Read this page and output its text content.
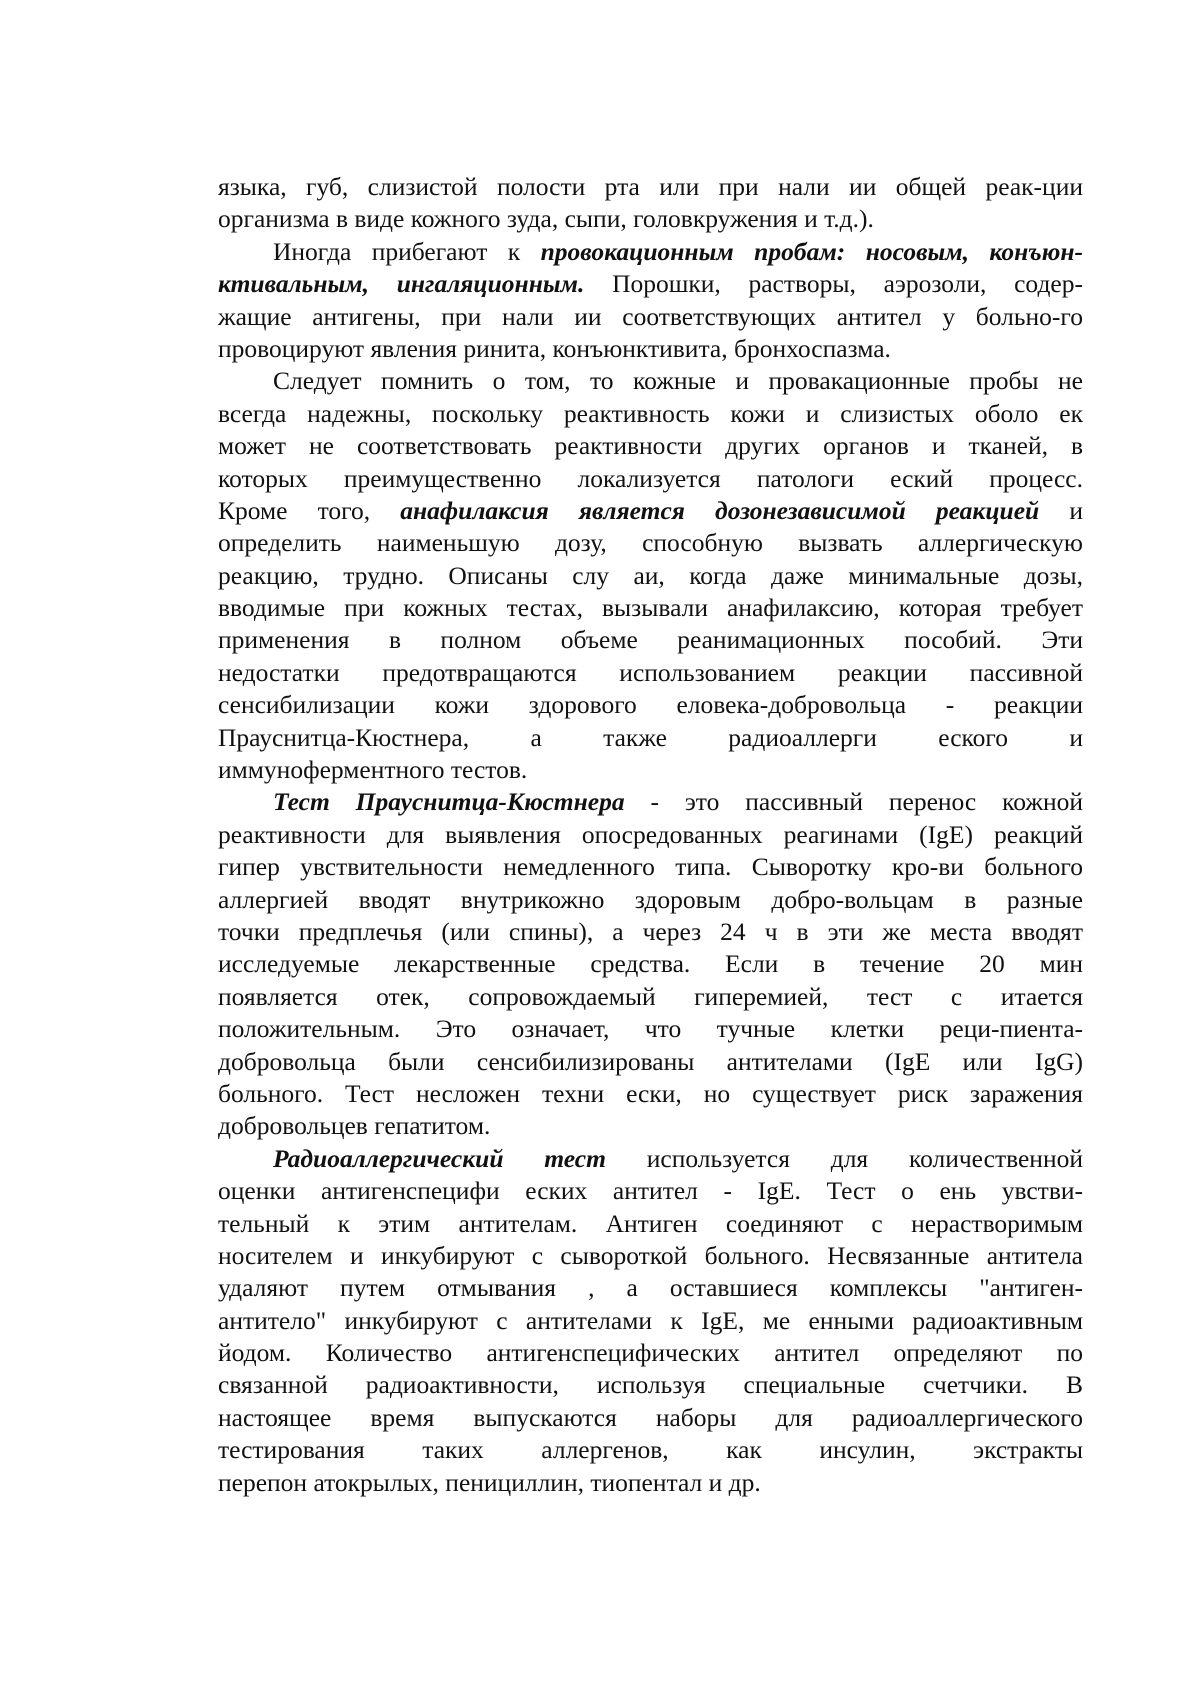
языка, губ, слизистой полости рта или при нали ии общей реак-ции
организма в виде кожного зуда, сыпи, головкружения и т.д.).
Иногда прибегают к провокационным пробам: носовым, конъюн-
ктивальным, ингаляционным. Порошки, растворы, аэрозоли, содер-
жащие антигены, при нали ии соответствующих антител у больно-го
провоцируют явления ринита, конъюнктивита, бронхоспазма.
Следует помнить о том, то кожные и провакационные пробы не
всегда надежны, поскольку реактивность кожи и слизистых оболо ек
может не соответствовать реактивности других органов и тканей, в
которых преимущественно локализуется патологи еский процесс.
Кроме того, анафилаксия является дозонезависимой реакцией и
определить наименьшую дозу, способную вызвать аллергическую
реакцию, трудно. Описаны слу аи, когда даже минимальные дозы,
вводимые при кожных тестах, вызывали анафилаксию, которая требует
применения в полном объеме реанимационных пособий. Эти
недостатки предотвращаются использованием реакции пассивной
сенсибилизации кожи здорового еловека-добровольца - реакции
Прауснитца-Кюстнера, а также радиоаллерги еского и
иммуноферментного тестов.
Тест Прауснитца-Кюстнера - это пассивный перенос кожной
реактивности для выявления опосредованных реагинами (IgE) реакций
гипер увствительности немедленного типа. Сыворотку кро-ви больного
аллергией вводят внутрикожно здоровым добро-вольцам в разные
точки предплечья (или спины), а через 24 ч в эти же места вводят
исследуемые лекарственные средства. Если в течение 20 мин
появляется отек, сопровождаемый гиперемией, тест с итается
положительным. Это означает, что тучные клетки реци-пиента-
добровольца были сенсибилизированы антителами (IgE или IgG)
больного. Тест несложен техни ески, но существует риск заражения
добровольцев гепатитом.
Радиоаллергический тест используется для количественной
оценки антигенспецифи еских антител - IgE. Тест о ень увстви-
тельный к этим антителам. Антиген соединяют с нерастворимым
носителем и инкубируют с сывороткой больного. Несвязанные антитела
удаляют путем отмывания , а оставшиеся комплексы "антиген-
антитело" инкубируют с антителами к IgE, ме енными радиоактивным
йодом. Количество антигенспецифических антител определяют по
связанной радиоактивности, используя специальные счетчики. В
настоящее время выпускаются наборы для радиоаллергического
тестирования таких аллергенов, как инсулин, экстракты
перепон атокрылых, пенициллин, тиопентал и др.
